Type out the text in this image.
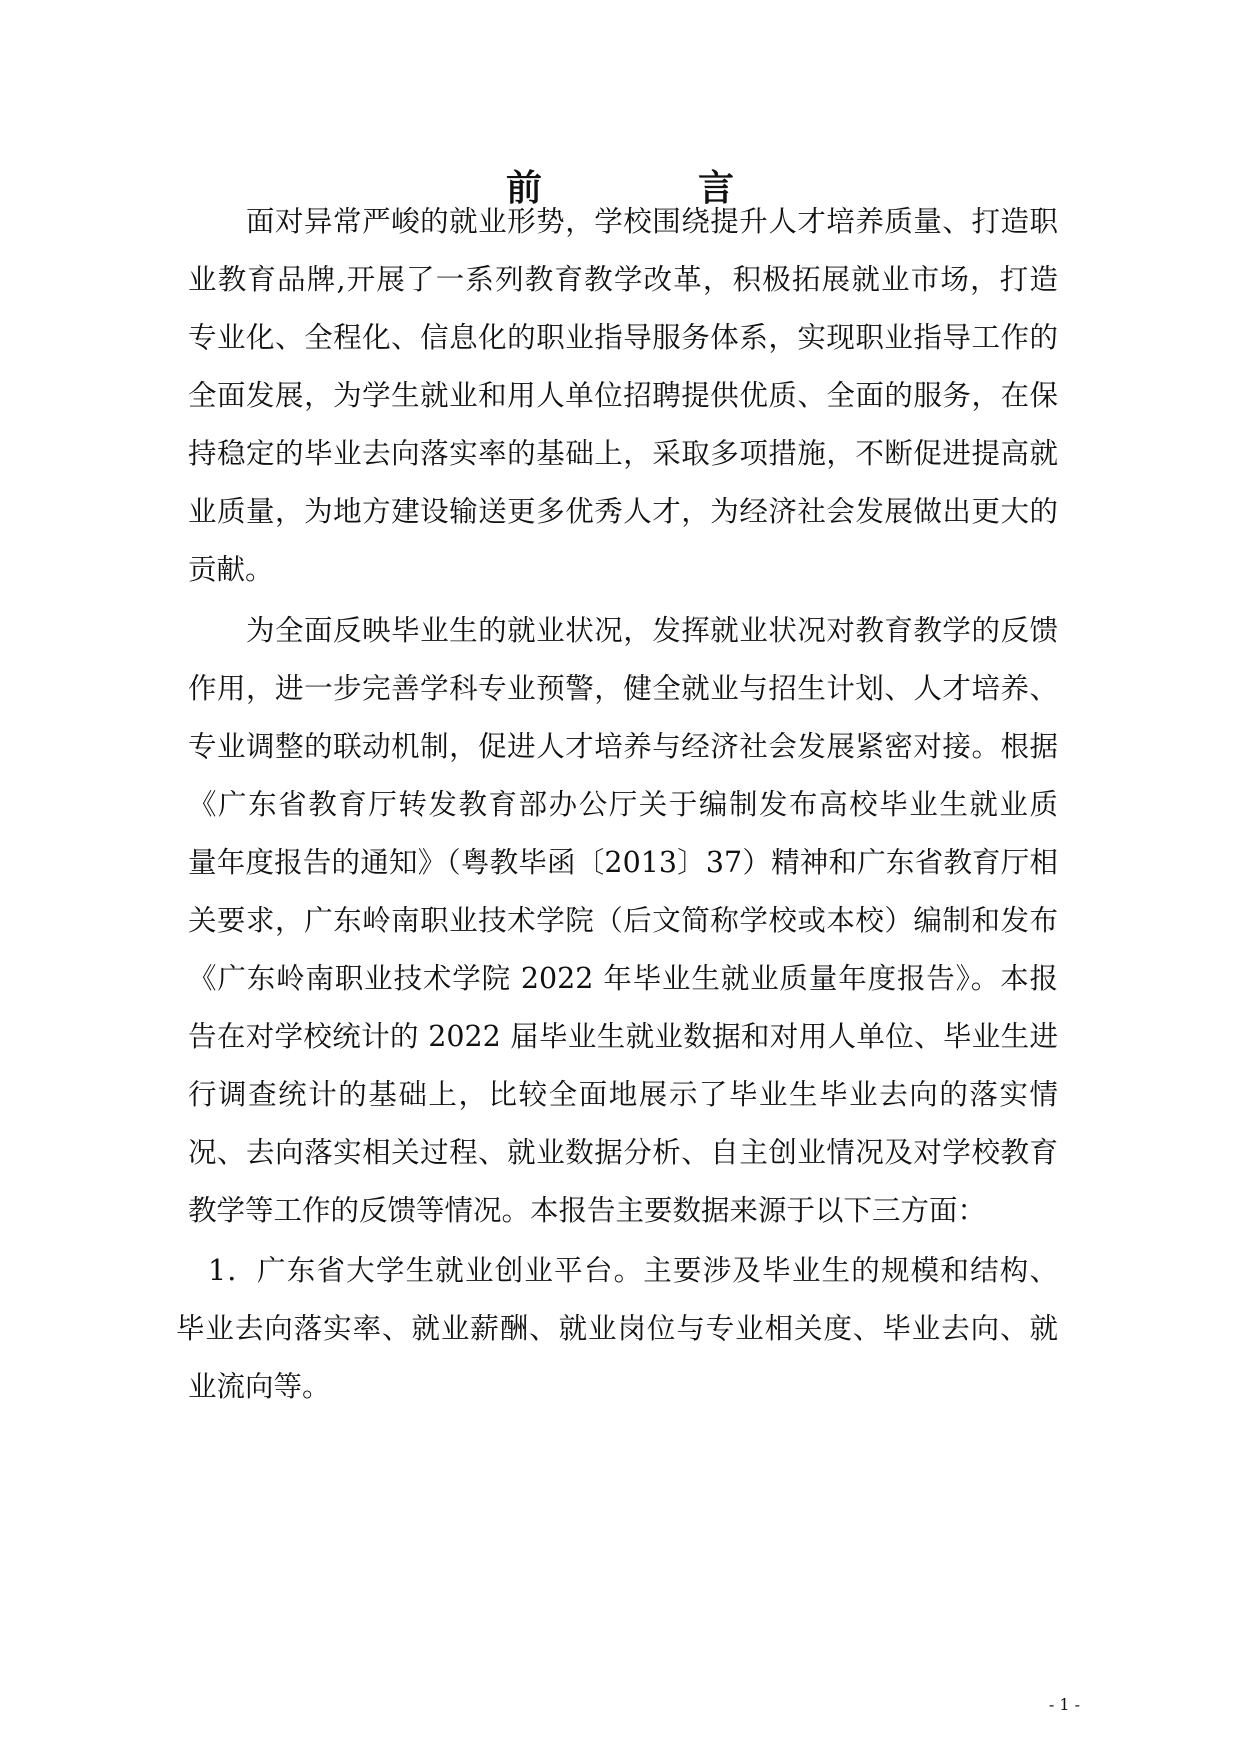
前　言
面对异常严峻的就业形势，学校围绕提升人才培养质量、打造职
业教育品牌,开展了一系列教育教学改革，积极拓展就业市场，打造
专业化、全程化、信息化的职业指导服务体系，实现职业指导工作的
全面发展，为学生就业和用人单位招聘提供优质、全面的服务，在保
持稳定的毕业去向落实率的基础上，采取多项措施，不断促进提高就
业质量，为地方建设输送更多优秀人才，为经济社会发展做出更大的
贡献。
为全面反映毕业生的就业状况，发挥就业状况对教育教学的反馈
作用，进一步完善学科专业预警，健全就业与招生计划、人才培养、
专业调整的联动机制，促进人才培养与经济社会发展紧密对接。根据
《广东省教育厅转发教育部办公厅关于编制发布高校毕业生就业质
量年度报告的通知》（粤教毕函〔2013〕37）精神和广东省教育厅相
关要求，广东岭南职业技术学院（后文简称学校或本校）编制和发布
《广东岭南职业技术学院 2022 年毕业生就业质量年度报告》。本报
告在对学校统计的 2022 届毕业生就业数据和对用人单位、毕业生进
行调查统计的基础上，比较全面地展示了毕业生毕业去向的落实情
况、去向落实相关过程、就业数据分析、自主创业情况及对学校教育
教学等工作的反馈等情况。本报告主要数据来源于以下三方面：
1．广东省大学生就业创业平台。主要涉及毕业生的规模和结构、
毕业去向落实率、就业薪酬、就业岗位与专业相关度、毕业去向、就
业流向等。
- 1 -
